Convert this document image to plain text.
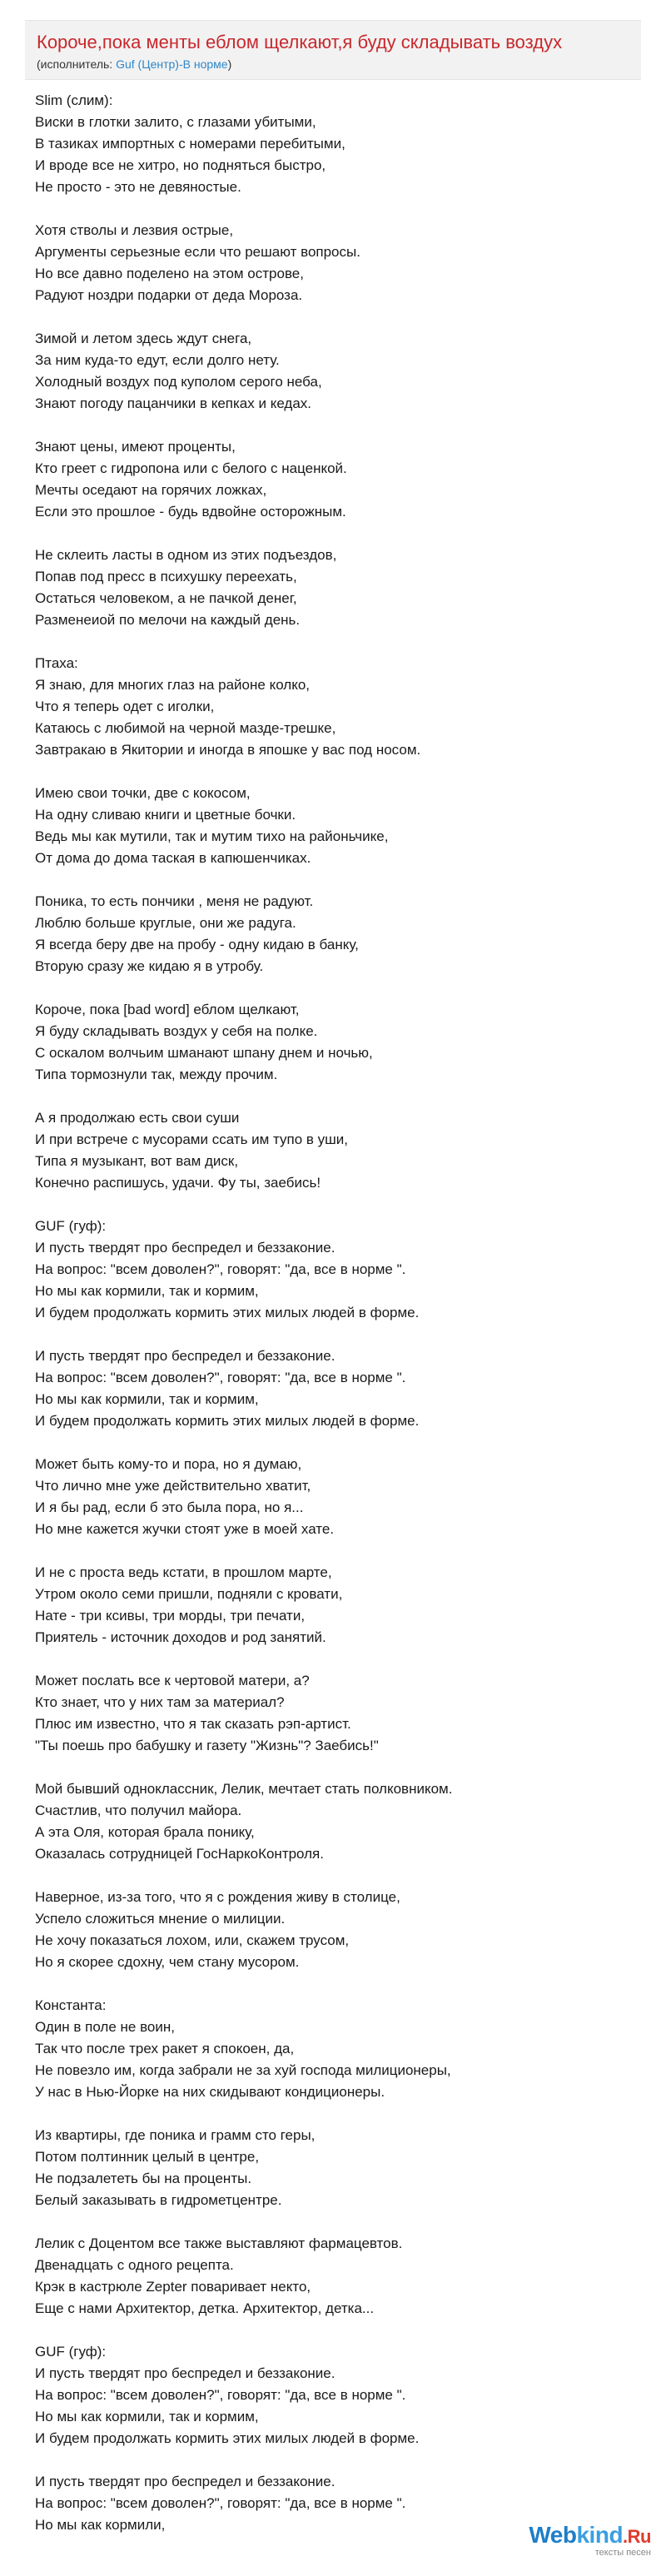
Короче,пока менты еблом щелкают,я буду складывать воздух
(исполнитель: Guf (Центр)-В норме)
Slim (слим):
Виски в глотки залито, с глазами убитыми,
В тазиках импортных с номерами перебитыми,
И вроде все не хитро, но подняться быстро,
Не просто - это не девяностые.
Хотя стволы и лезвия острые,
Аргументы серьезные если что решают вопросы.
Но все давно поделено на этом острове,
Радуют ноздри подарки от деда Мороза.
Зимой и летом здесь ждут снега,
За ним куда-то едут, если долго нету.
Холодный воздух под куполом серого неба,
Знают погоду пацанчики в кепках и кедах.
Знают цены, имеют проценты,
Кто греет с гидропона или с белого с наценкой.
Мечты оседают на горячих ложках,
Если это прошлое - будь вдвойне осторожным.
Не склеить ласты в одном из этих подъездов,
Попав под пресс в психушку переехать,
Остаться человеком, а не пачкой денег,
Разменеиой по мелочи на каждый день.
Птаха:
Я знаю, для многих глаз на районе колко,
Что я теперь одет с иголки,
Катаюсь с любимой на черной мазде-трешке,
Завтракаю в Якитории и иногда в япошке у вас под носом.
Имею свои точки, две с кокосом,
На одну сливаю книги и цветные бочки.
Ведь мы как мутили, так и мутим тихо на районьчике,
От дома до дома таская в капюшенчиках.
Поника, то есть пончики , меня не радуют.
Люблю больше круглые, они же радуга.
Я всегда беру две на пробу - одну кидаю в банку,
Вторую сразу же кидаю я в утробу.
Короче, пока [bad word] еблом щелкают,
Я буду складывать воздух у себя на полке.
С оскалом волчьим шманают шпану днем и ночью,
Типа тормознули так, между прочим.
А я продолжаю есть свои суши
И при встрече с мусорами ссать им тупо в уши,
Типа я музыкант, вот вам диск,
Конечно распишусь, удачи. Фу ты, заебись!
GUF (гуф):
И пусть твердят про беспредел и беззаконие.
На вопрос: "всем доволен?", говорят: "да, все в норме ".
Но мы как кормили, так и кормим,
И будем продолжать кормить этих милых людей в форме.
И пусть твердят про беспредел и беззаконие.
На вопрос: "всем доволен?", говорят: "да, все в норме ".
Но мы как кормили, так и кормим,
И будем продолжать кормить этих милых людей в форме.
Может быть кому-то и пора, но я думаю,
Что лично мне уже действительно хватит,
И я бы рад, если б это была пора, но я...
Но мне кажется жучки стоят уже в моей хате.
И не с проста ведь кстати, в прошлом марте,
Утром около семи пришли, подняли с кровати,
Нате - три ксивы, три морды, три печати,
Приятель - источник доходов и род занятий.
Может послать все к чертовой матери, а?
Кто знает, что у них там за материал?
Плюс им известно, что я так сказать рэп-артист.
"Ты поешь про бабушку и газету "Жизнь"? Заебись!"
Мой бывший одноклассник, Лелик, мечтает стать полковником.
Счастлив, что получил майора.
А эта Оля, которая брала понику,
Оказалась сотрудницей ГосНаркоКонтроля.
Наверное, из-за того, что я с рождения живу в столице,
Успело сложиться мнение о милиции.
Не хочу показаться лохом, или, скажем трусом,
Но я скорее сдохну, чем стану мусором.
Константа:
Один в поле не воин,
Так что после трех ракет я спокоен, да,
Не повезло им, когда забрали не за хуй господа милиционеры,
У нас в Нью-Йорке на них скидывают кондиционеры.
Из квартиры, где поника и грамм сто геры,
Потом полтинник целый в центре,
Не подзалететь бы на проценты.
Белый заказывать в гидрометцентре.
Лелик с Доцентом все также выставляют фармацевтов.
Двенадцать с одного рецепта.
Крэк в кастрюле Zepter поваривает некто,
Еще с нами Архитектор, детка. Архитектор, детка...
GUF (гуф):
И пусть твердят про беспредел и беззаконие.
На вопрос: "всем доволен?", говорят: "да, все в норме ".
Но мы как кормили, так и кормим,
И будем продолжать кормить этих милых людей в форме.
И пусть твердят про беспредел и беззаконие.
На вопрос: "всем доволен?", говорят: "да, все в норме ".
Но мы как кормили,	Webkind.Ru
тексты песен
